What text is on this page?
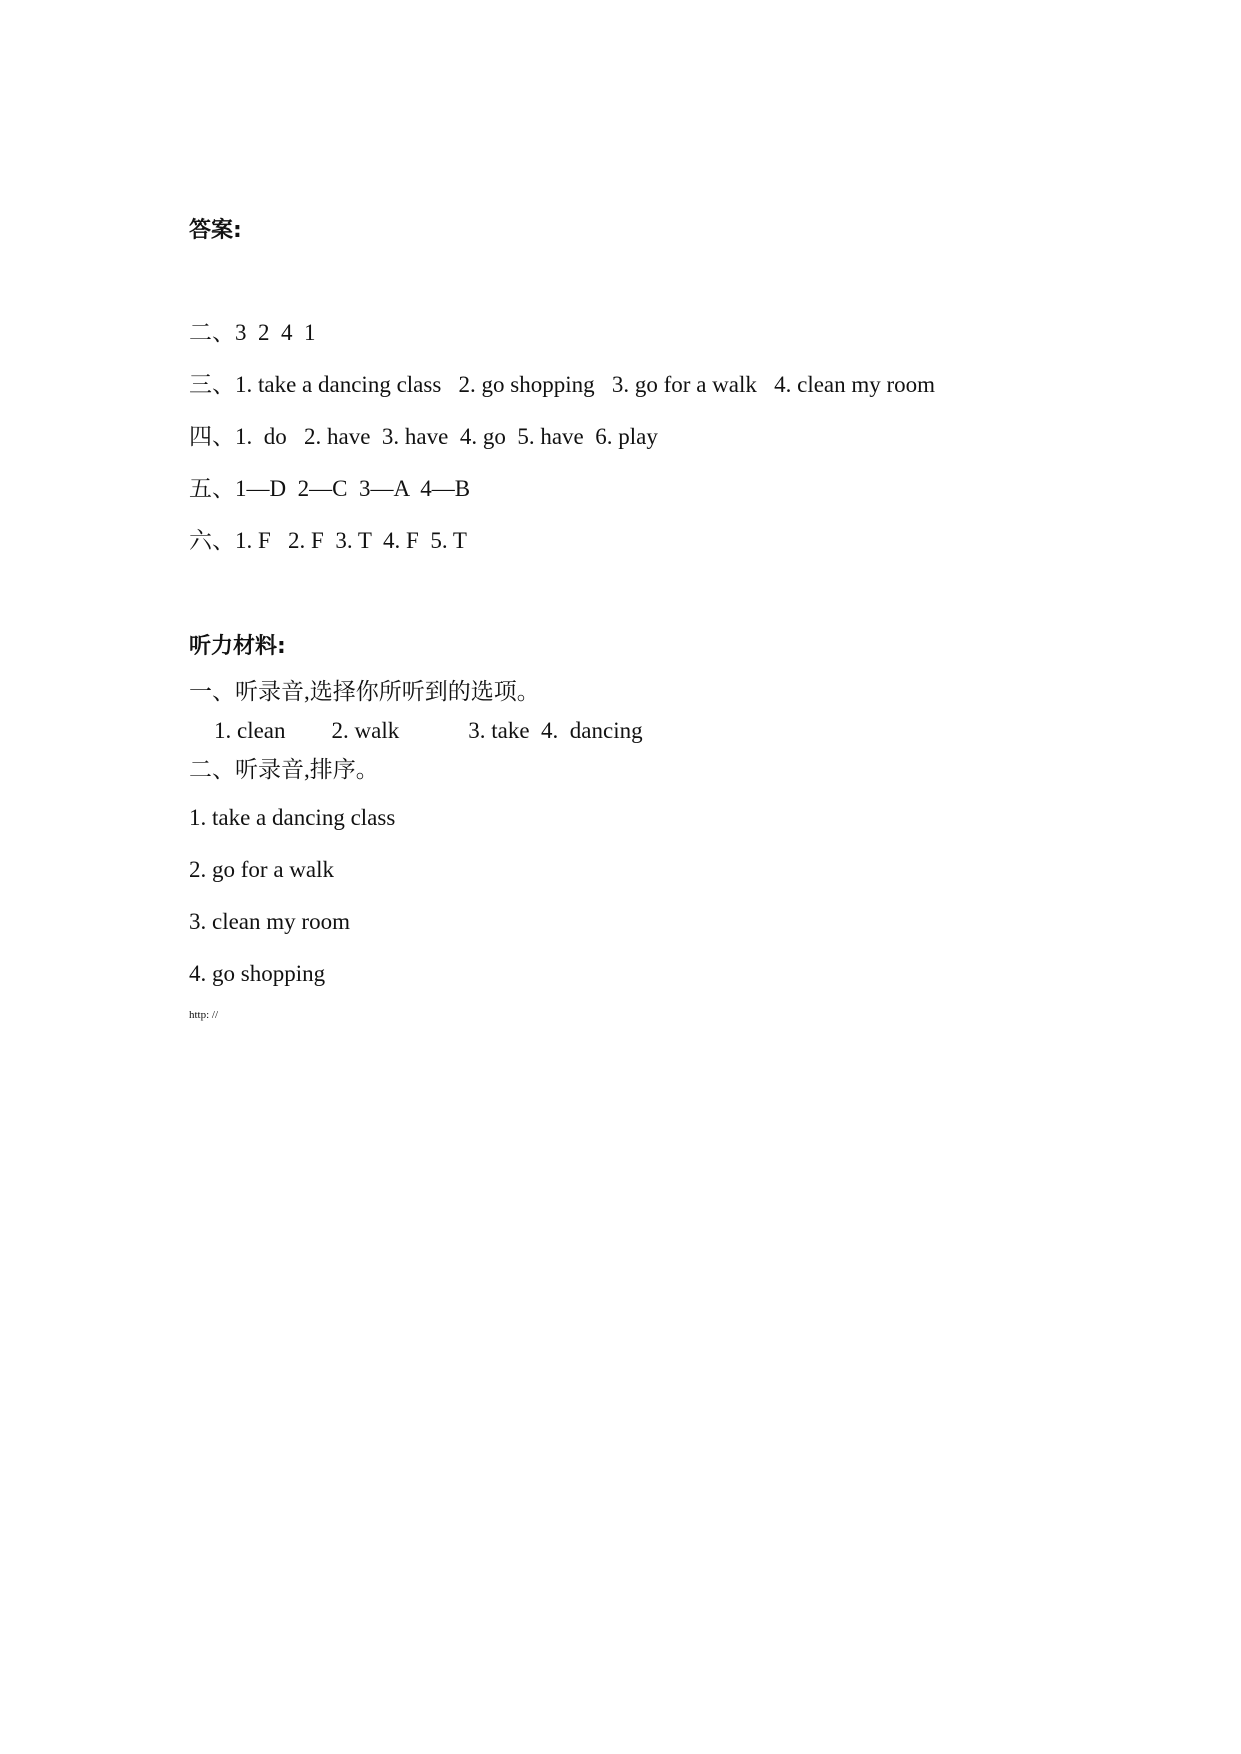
答案:
二、3  2  4  1
三、1. take a dancing class   2. go shopping   3. go for a walk   4. clean my room
四、1.  do   2. have  3. have  4. go  5. have  6. play
五、1—D  2—C  3—A  4—B
六、1. F   2. F  3. T  4. F  5. T
听力材料:
一、听录音,选择你所听到的选项。
1. clean        2. walk            3. take  4.  dancing
二、听录音,排序。
1. take a dancing class
2. go for a walk
3. clean my room
4. go shopping
http: //
